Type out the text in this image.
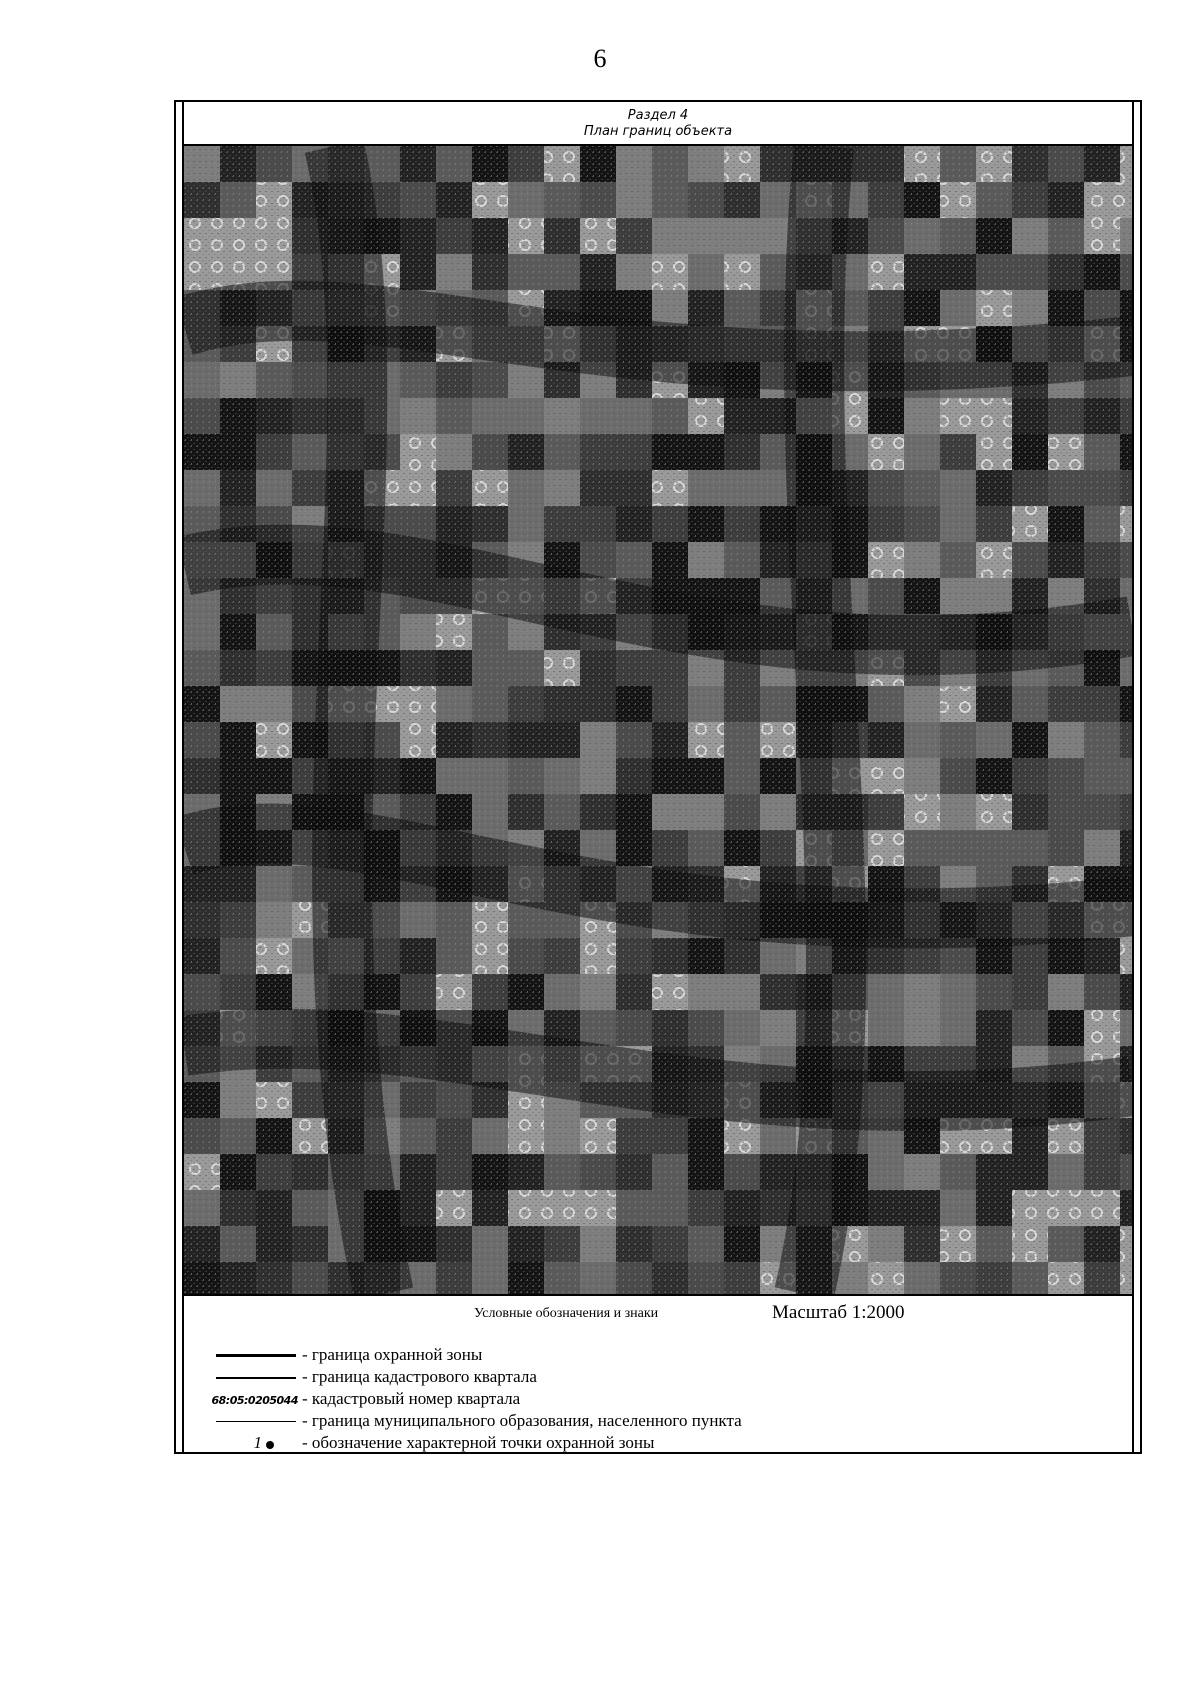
6
Раздел 4
План границ объекта
Условные обозначения и знаки	Масштаб 1:2000
- граница охранной зоны
- граница кадастрового квартала
68:05:0205044 - кадастровый номер квартала
- граница муниципального образования, населенного пункта
1 - обозначение характерной точки охранной зоны
